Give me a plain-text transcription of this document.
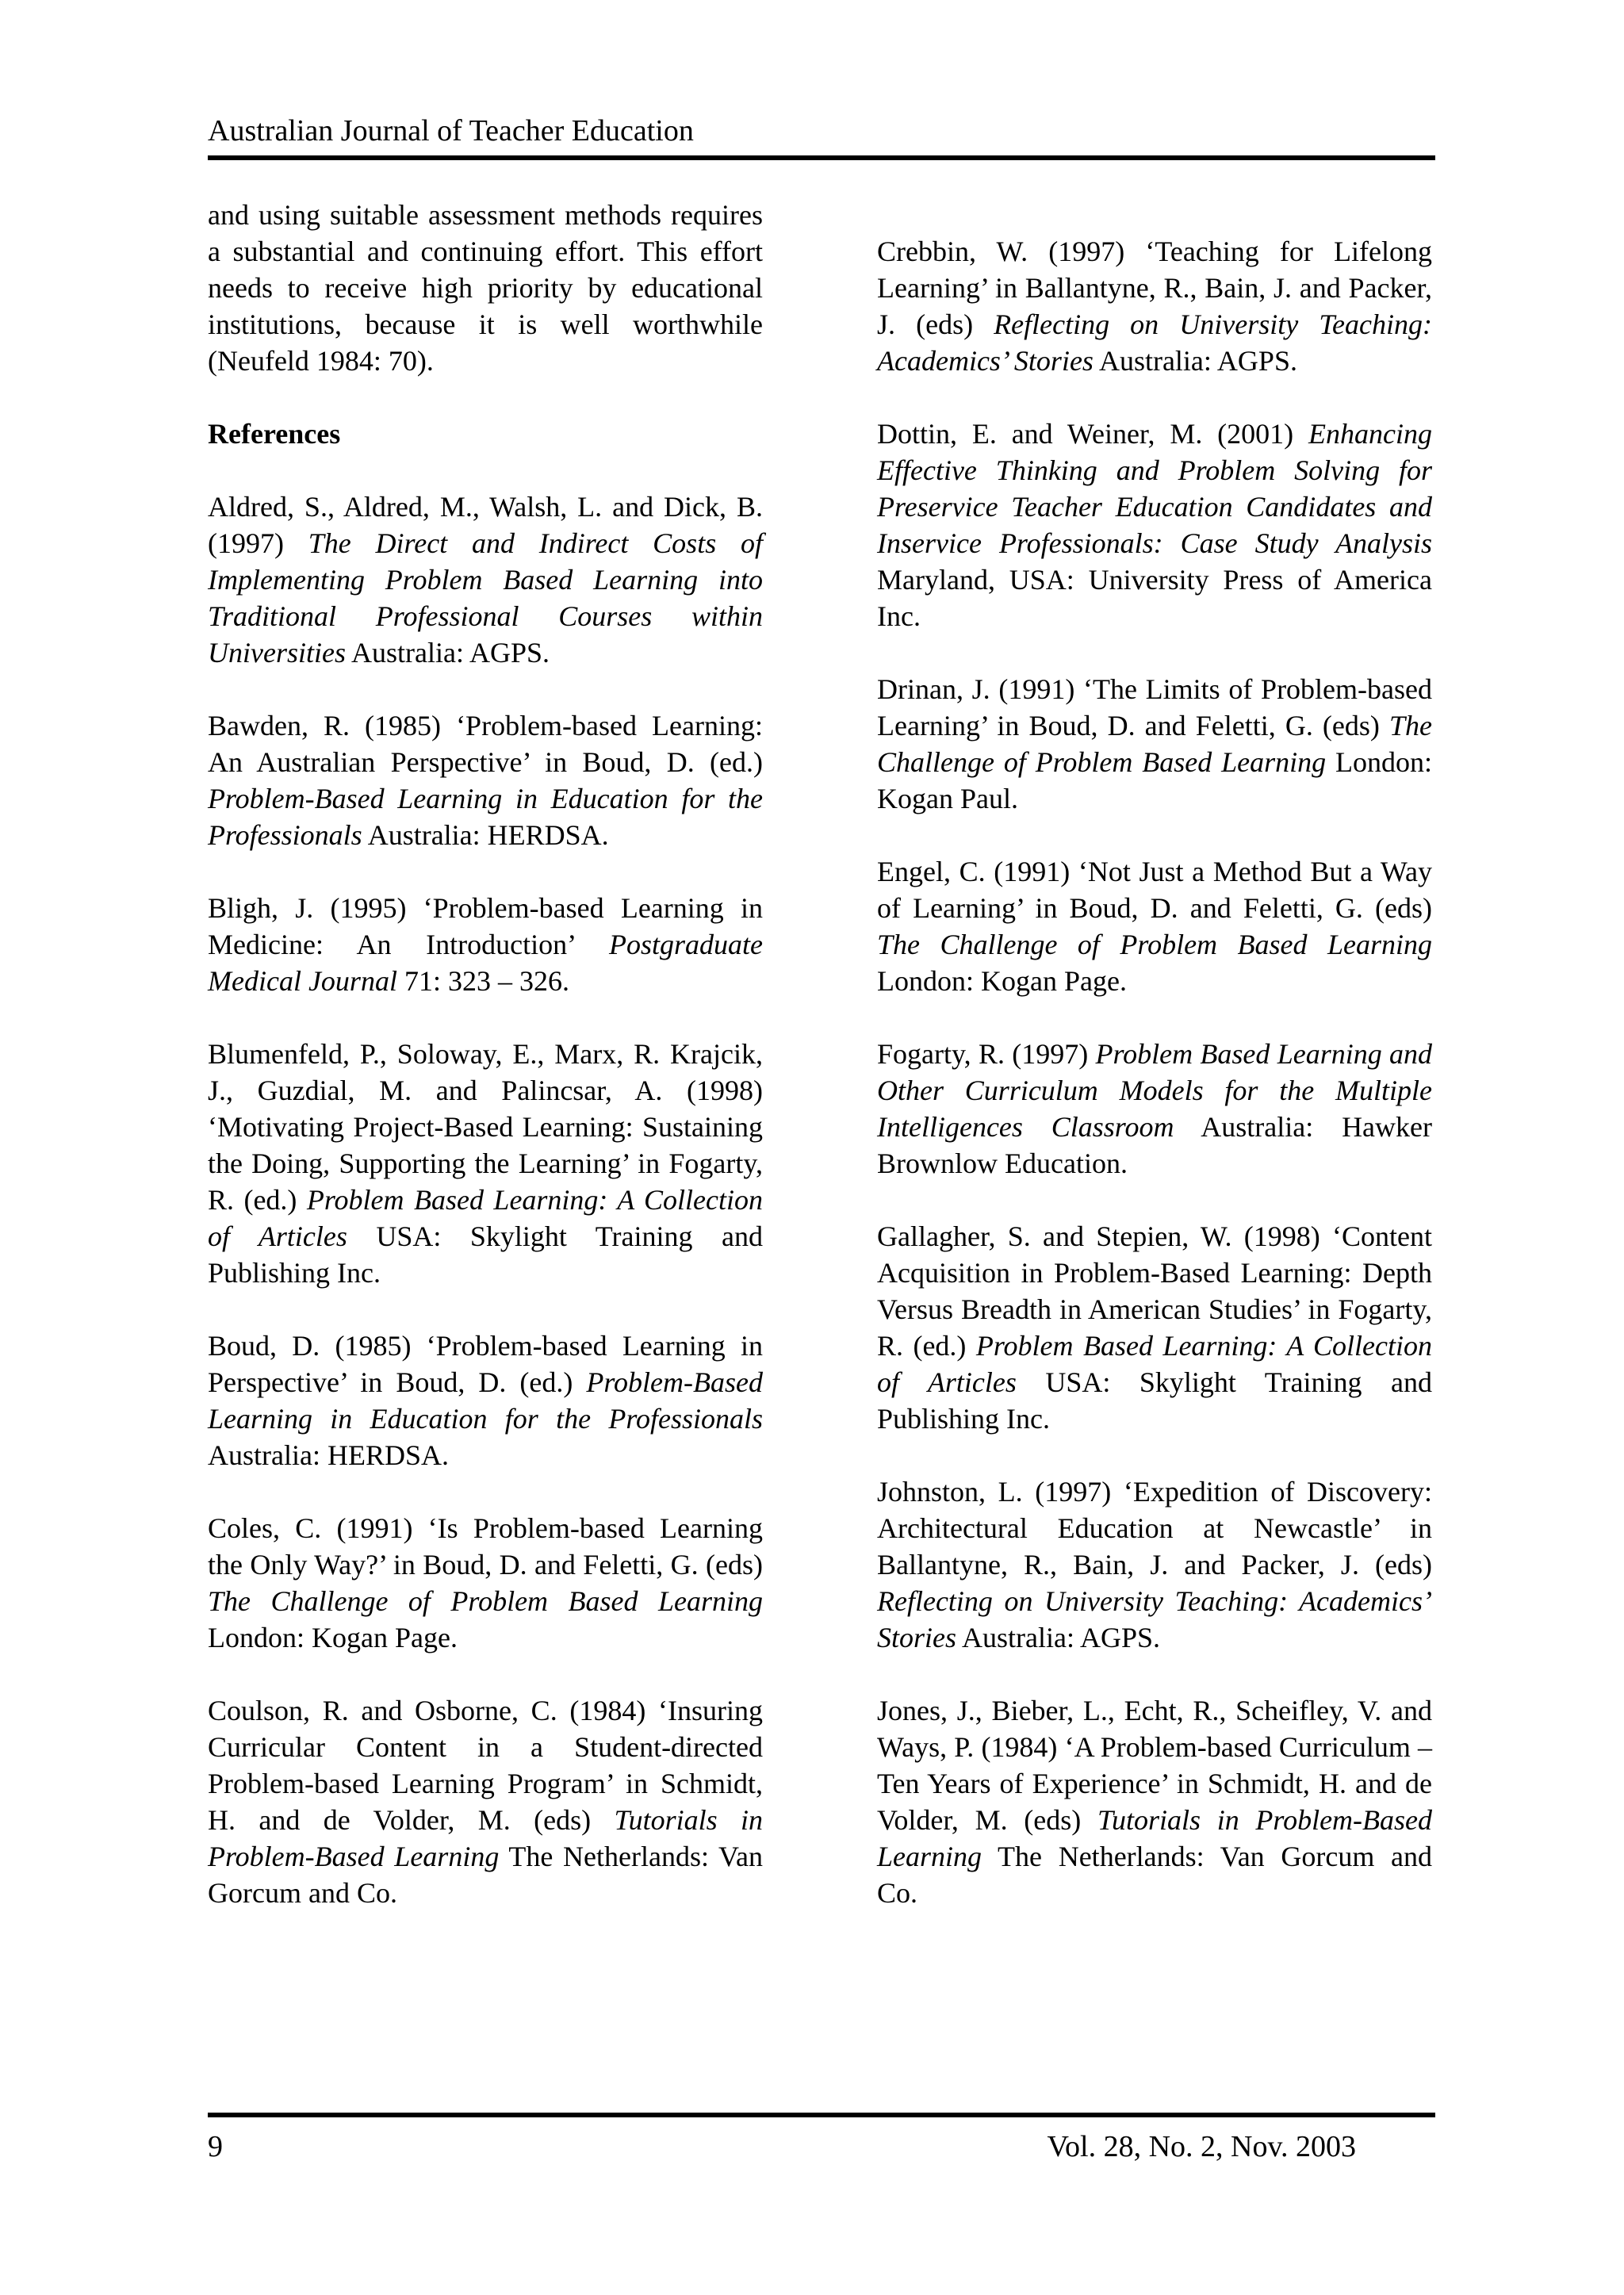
Australian Journal of Teacher Education

and using suitable assessment methods requires a substantial and continuing effort. This effort needs to receive high priority by educational institutions, because it is well worthwhile (Neufeld 1984: 70).

References

Aldred, S., Aldred, M., Walsh, L. and Dick, B. (1997) The Direct and Indirect Costs of Implementing Problem Based Learning into Traditional Professional Courses within Universities Australia: AGPS.

Bawden, R. (1985) ‘Problem-based Learning: An Australian Perspective’ in Boud, D. (ed.) Problem-Based Learning in Education for the Professionals Australia: HERDSA.

Bligh, J. (1995) ‘Problem-based Learning in Medicine: An Introduction’ Postgraduate Medical Journal 71: 323 – 326.

Blumenfeld, P., Soloway, E., Marx, R. Krajcik, J., Guzdial, M. and Palincsar, A. (1998) ‘Motivating Project-Based Learning: Sustaining the Doing, Supporting the Learning’ in Fogarty, R. (ed.) Problem Based Learning: A Collection of Articles USA: Skylight Training and Publishing Inc.

Boud, D. (1985) ‘Problem-based Learning in Perspective’ in Boud, D. (ed.) Problem-Based Learning in Education for the Professionals Australia: HERDSA.

Coles, C. (1991) ‘Is Problem-based Learning the Only Way?’ in Boud, D. and Feletti, G. (eds) The Challenge of Problem Based Learning London: Kogan Page.

Coulson, R. and Osborne, C. (1984) ‘Insuring Curricular Content in a Student-directed Problem-based Learning Program’ in Schmidt, H. and de Volder, M. (eds) Tutorials in Problem-Based Learning The Netherlands: Van Gorcum and Co.

Crebbin, W. (1997) ‘Teaching for Lifelong Learning’ in Ballantyne, R., Bain, J. and Packer, J. (eds) Reflecting on University Teaching: Academics’ Stories Australia: AGPS.

Dottin, E. and Weiner, M. (2001) Enhancing Effective Thinking and Problem Solving for Preservice Teacher Education Candidates and Inservice Professionals: Case Study Analysis Maryland, USA: University Press of America Inc.

Drinan, J. (1991) ‘The Limits of Problem-based Learning’ in Boud, D. and Feletti, G. (eds) The Challenge of Problem Based Learning London: Kogan Paul.

Engel, C. (1991) ‘Not Just a Method But a Way of Learning’ in Boud, D. and Feletti, G. (eds) The Challenge of Problem Based Learning London: Kogan Page.

Fogarty, R. (1997) Problem Based Learning and Other Curriculum Models for the Multiple Intelligences Classroom Australia: Hawker Brownlow Education.

Gallagher, S. and Stepien, W. (1998) ‘Content Acquisition in Problem-Based Learning: Depth Versus Breadth in American Studies’ in Fogarty, R. (ed.) Problem Based Learning: A Collection of Articles USA: Skylight Training and Publishing Inc.

Johnston, L. (1997) ‘Expedition of Discovery: Architectural Education at Newcastle’ in Ballantyne, R., Bain, J. and Packer, J. (eds) Reflecting on University Teaching: Academics’ Stories Australia: AGPS.

Jones, J., Bieber, L., Echt, R., Scheifley, V. and Ways, P. (1984) ‘A Problem-based Curriculum – Ten Years of Experience’ in Schmidt, H. and de Volder, M. (eds) Tutorials in Problem-Based Learning The Netherlands: Van Gorcum and Co.

9	Vol. 28, No. 2, Nov. 2003
